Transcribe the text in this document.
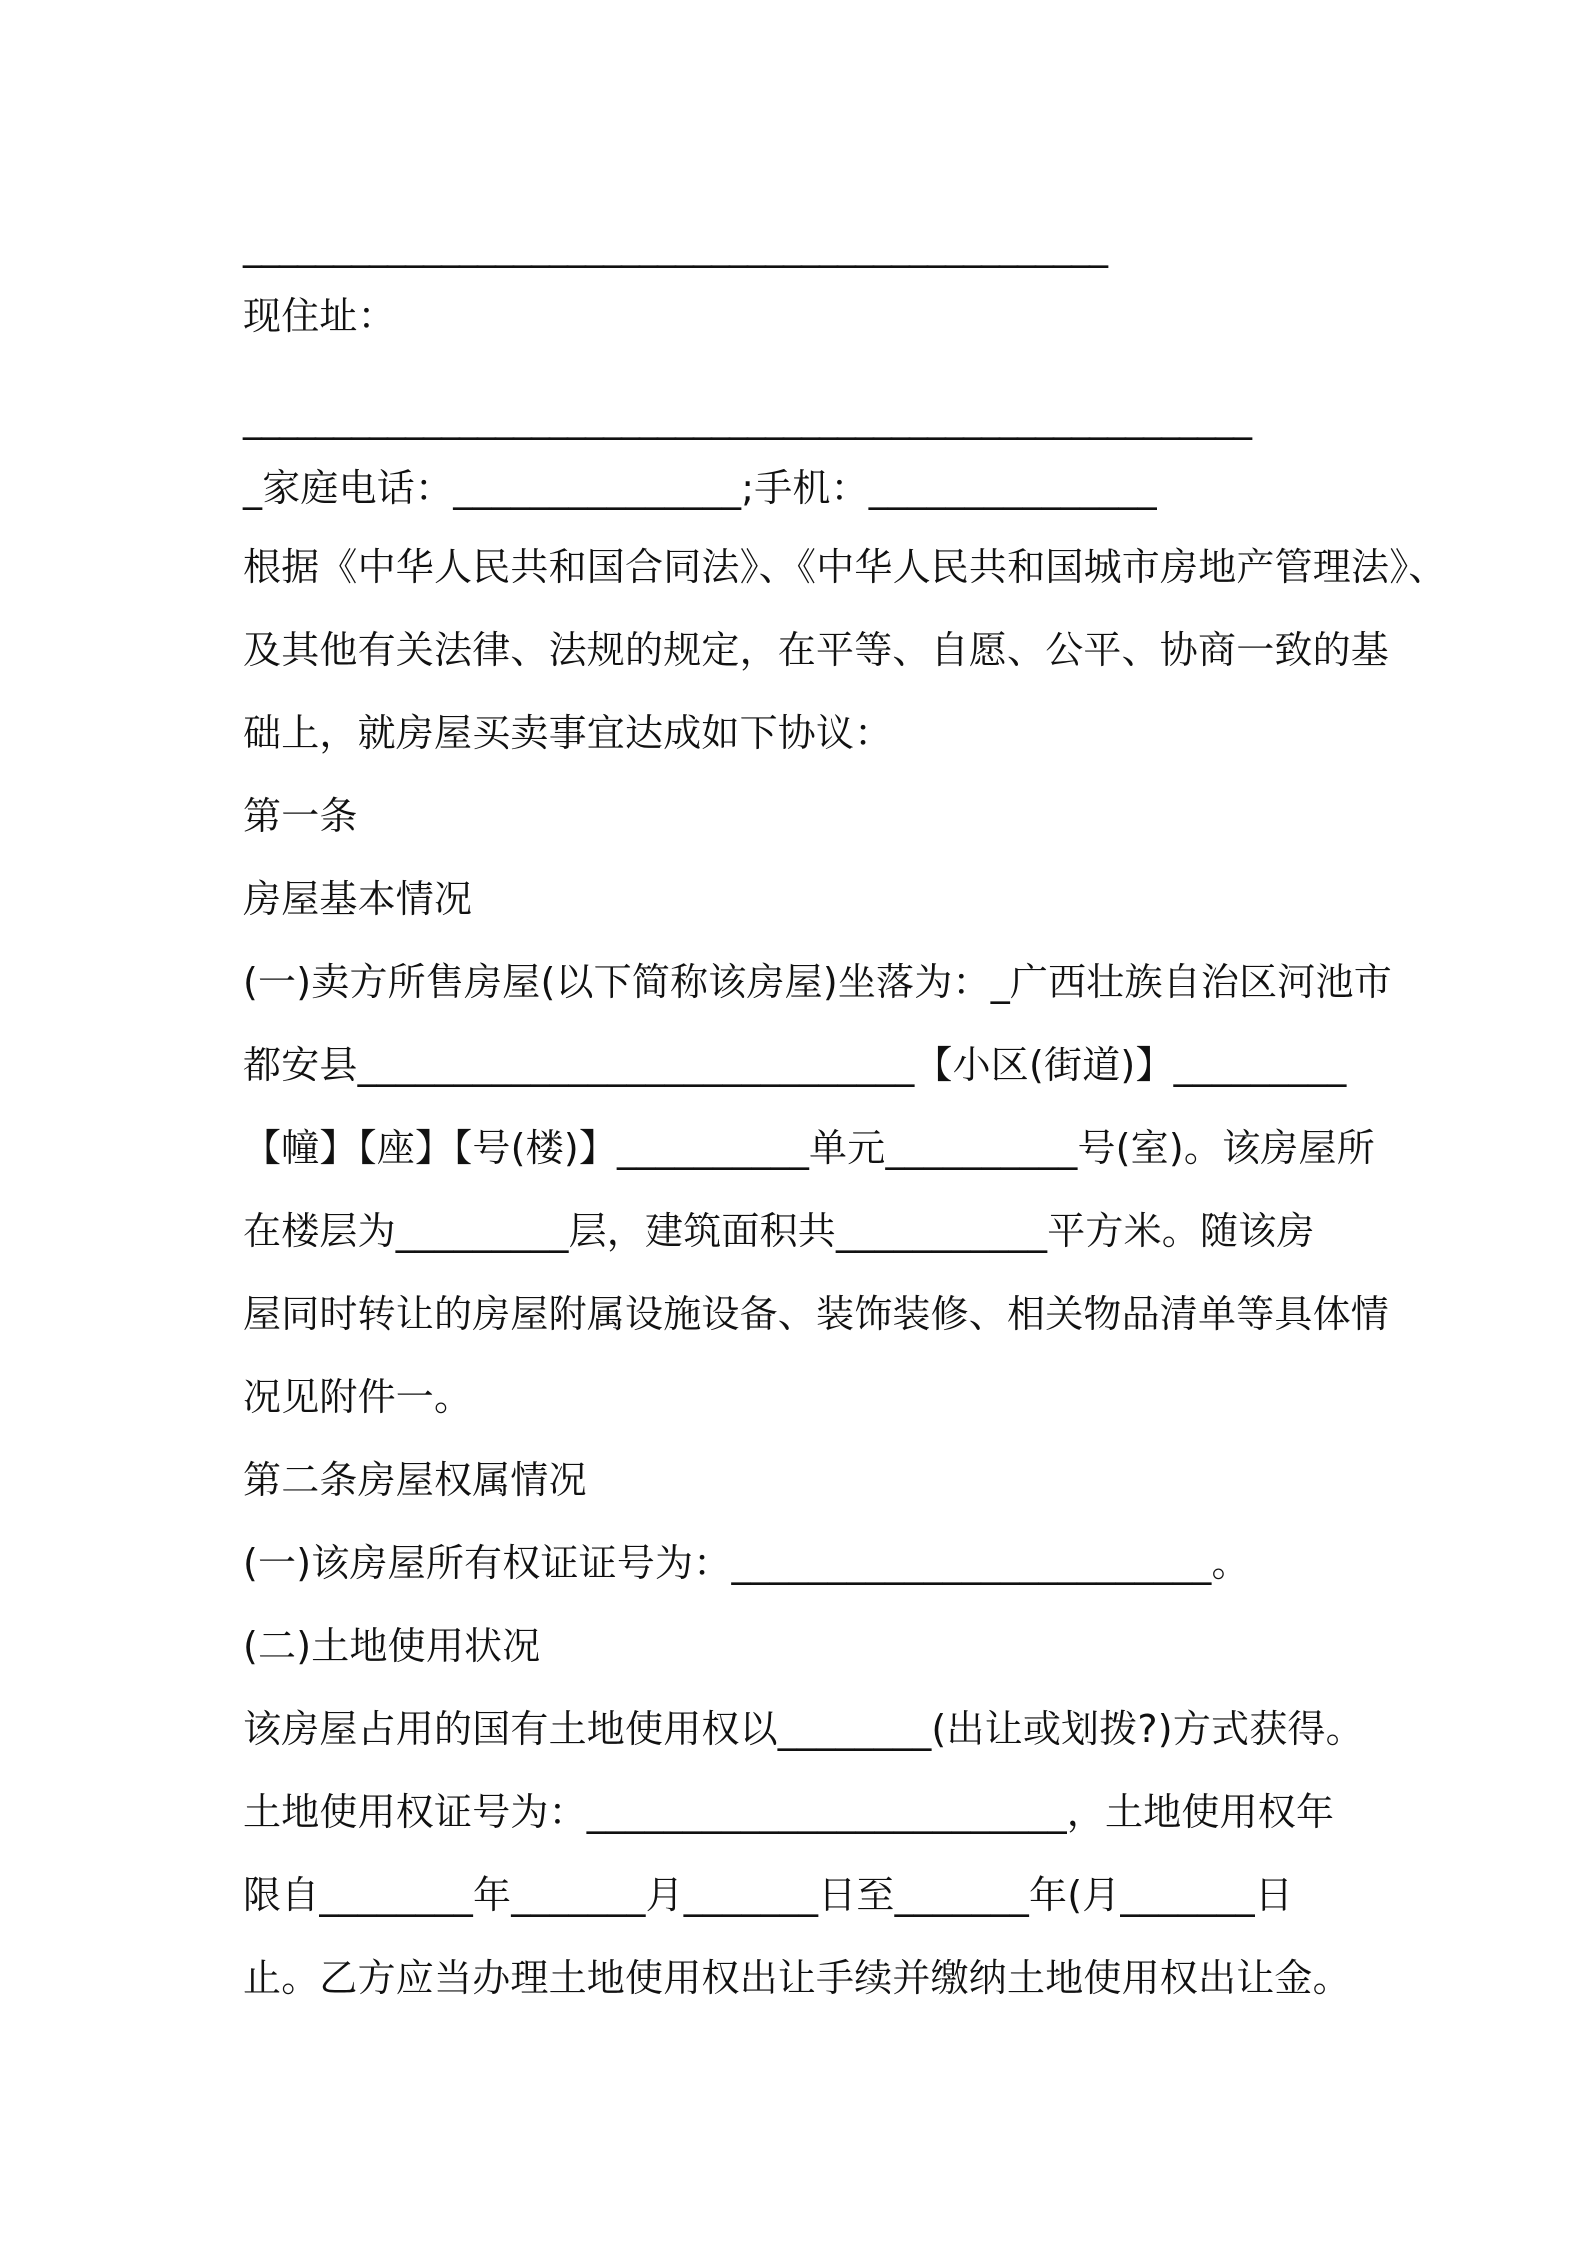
________________________________________________
现住址：
________________________________________________________
_家庭电话：_______________;手机：_______________
根据《中华人民共和国合同法》、《中华人民共和国城市房地产管理法》、
及其他有关法律、法规的规定，在平等、自愿、公平、协商一致的基
础上，就房屋买卖事宜达成如下协议：
第一条
房屋基本情况
(一)卖方所售房屋(以下简称该房屋)坐落为：_广西壮族自治区河池市
都安县_____________________________【小区(街道)】_________
【幢】【座】【号(楼)】__________单元__________号(室)。该房屋所
在楼层为_________层，建筑面积共___________平方米。随该房
屋同时转让的房屋附属设施设备、装饰装修、相关物品清单等具体情
况见附件一。
第二条房屋权属情况
(一)该房屋所有权证证号为：_________________________。
(二)土地使用状况
该房屋占用的国有土地使用权以________(出让或划拨?)方式获得。
土地使用权证号为：_________________________，土地使用权年
限自________年_______月_______日至_______年(月_______日
止。乙方应当办理土地使用权出让手续并缴纳土地使用权出让金。
